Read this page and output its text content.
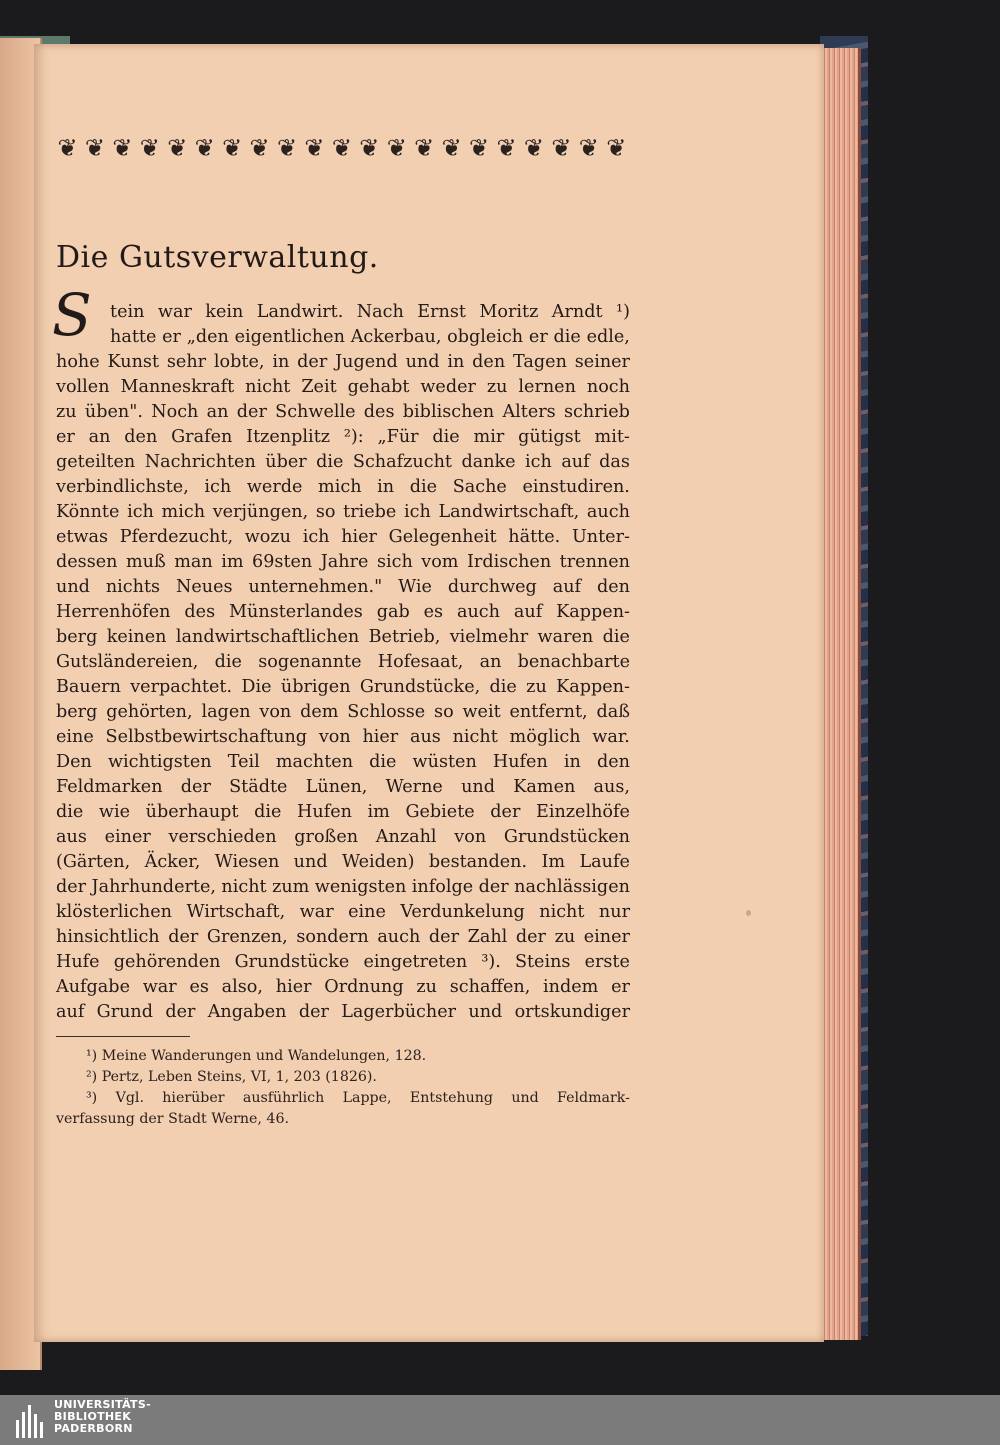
❦ ❦ ❦ ❦ ❦ ❦ ❦ ❦ ❦ ❦ ❦ ❦ ❦ ❦ ❦ ❦ ❦ ❦ ❦ ❦ ❦
Die Gutsverwaltung.
S tein war kein Landwirt. Nach Ernst Moritz Arndt ¹)
hatte er „den eigentlichen Ackerbau, obgleich er die edle,
hohe Kunst sehr lobte, in der Jugend und in den Tagen seiner
vollen Manneskraft nicht Zeit gehabt weder zu lernen noch
zu üben". Noch an der Schwelle des biblischen Alters schrieb
er an den Grafen Itzenplitz ²): „Für die mir gütigst mit-
geteilten Nachrichten über die Schafzucht danke ich auf das
verbindlichste, ich werde mich in die Sache einstudiren.
Könnte ich mich verjüngen, so triebe ich Landwirtschaft, auch
etwas Pferdezucht, wozu ich hier Gelegenheit hätte. Unter-
dessen muß man im 69sten Jahre sich vom Irdischen trennen
und nichts Neues unternehmen." Wie durchweg auf den
Herrenhöfen des Münsterlandes gab es auch auf Kappen-
berg keinen landwirtschaftlichen Betrieb, vielmehr waren die
Gutsländereien, die sogenannte Hofesaat, an benachbarte
Bauern verpachtet. Die übrigen Grundstücke, die zu Kappen-
berg gehörten, lagen von dem Schlosse so weit entfernt, daß
eine Selbstbewirtschaftung von hier aus nicht möglich war.
Den wichtigsten Teil machten die wüsten Hufen in den
Feldmarken der Städte Lünen, Werne und Kamen aus,
die wie überhaupt die Hufen im Gebiete der Einzelhöfe
aus einer verschieden großen Anzahl von Grundstücken
(Gärten, Äcker, Wiesen und Weiden) bestanden. Im Laufe
der Jahrhunderte, nicht zum wenigsten infolge der nachlässigen
klösterlichen Wirtschaft, war eine Verdunkelung nicht nur
hinsichtlich der Grenzen, sondern auch der Zahl der zu einer
Hufe gehörenden Grundstücke eingetreten ³). Steins erste
Aufgabe war es also, hier Ordnung zu schaffen, indem er
auf Grund der Angaben der Lagerbücher und ortskundiger
¹) Meine Wanderungen und Wandelungen, 128.
²) Pertz, Leben Steins, VI, 1, 203 (1826).
³) Vgl. hierüber ausführlich Lappe, Entstehung und Feldmark-
verfassung der Stadt Werne, 46.
UNIVERSITÄTS-
BIBLIOTHEK
PADERBORN
